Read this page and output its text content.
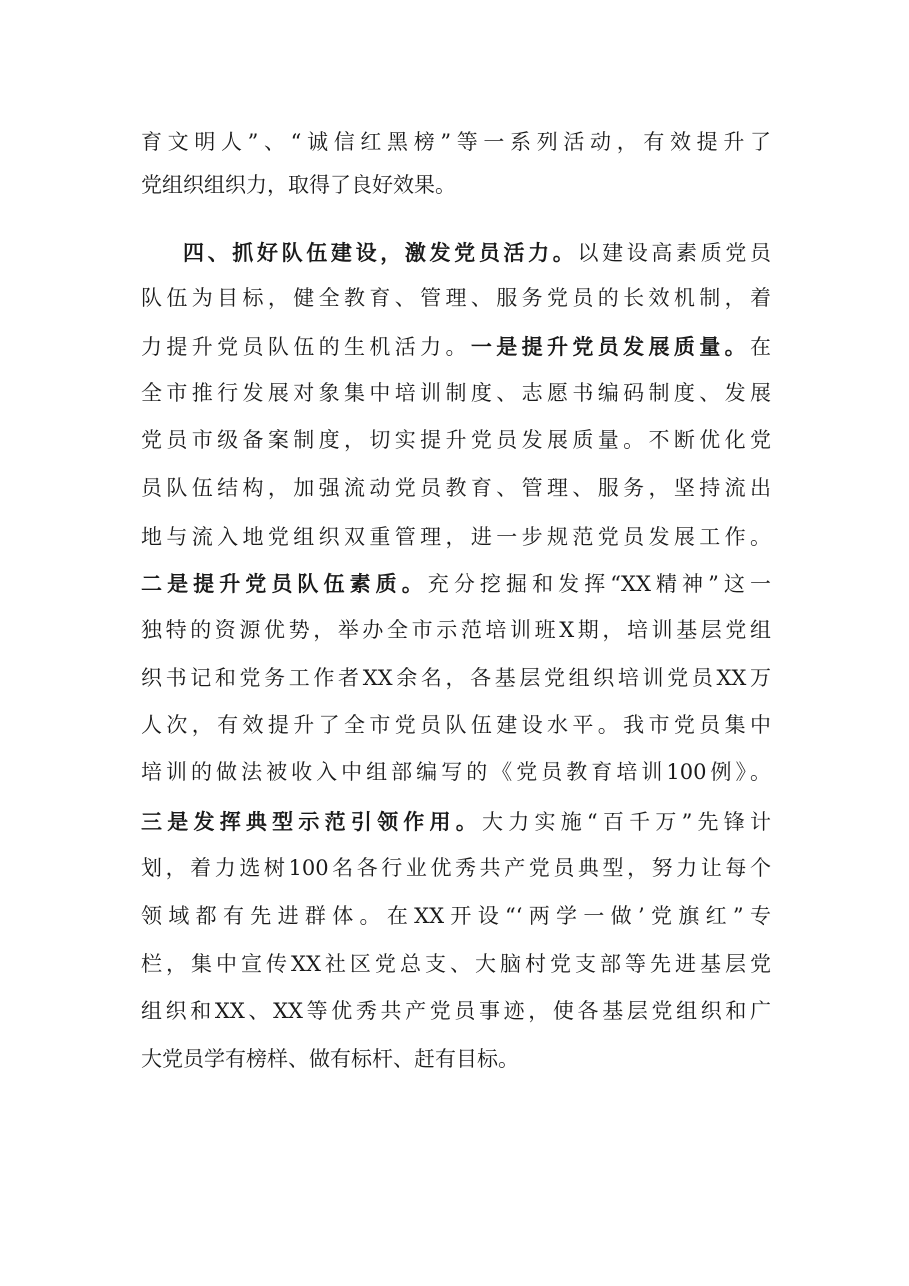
育文明人”、“诚信红黑榜”等一系列活动，有效提升了
党组织组织力，取得了良好效果。
四、抓好队伍建设，激发党员活力。以建设高素质党员
队伍为目标，健全教育、管理、服务党员的长效机制，着
力提升党员队伍的生机活力。一是提升党员发展质量。在
全市推行发展对象集中培训制度、志愿书编码制度、发展
党员市级备案制度，切实提升党员发展质量。不断优化党
员队伍结构，加强流动党员教育、管理、服务，坚持流出
地与流入地党组织双重管理，进一步规范党员发展工作。
二是提升党员队伍素质。充分挖掘和发挥“XX精神”这一
独特的资源优势，举办全市示范培训班X期，培训基层党组
织书记和党务工作者XX余名，各基层党组织培训党员XX万
人次，有效提升了全市党员队伍建设水平。我市党员集中
培训的做法被收入中组部编写的《党员教育培训100例》。
三是发挥典型示范引领作用。大力实施“百千万”先锋计
划，着力选树100名各行业优秀共产党员典型，努力让每个
领域都有先进群体。在XX开设“‘两学一做’党旗红”专
栏，集中宣传XX社区党总支、大脑村党支部等先进基层党
组织和XX、XX等优秀共产党员事迹，使各基层党组织和广
大党员学有榜样、做有标杆、赶有目标。
